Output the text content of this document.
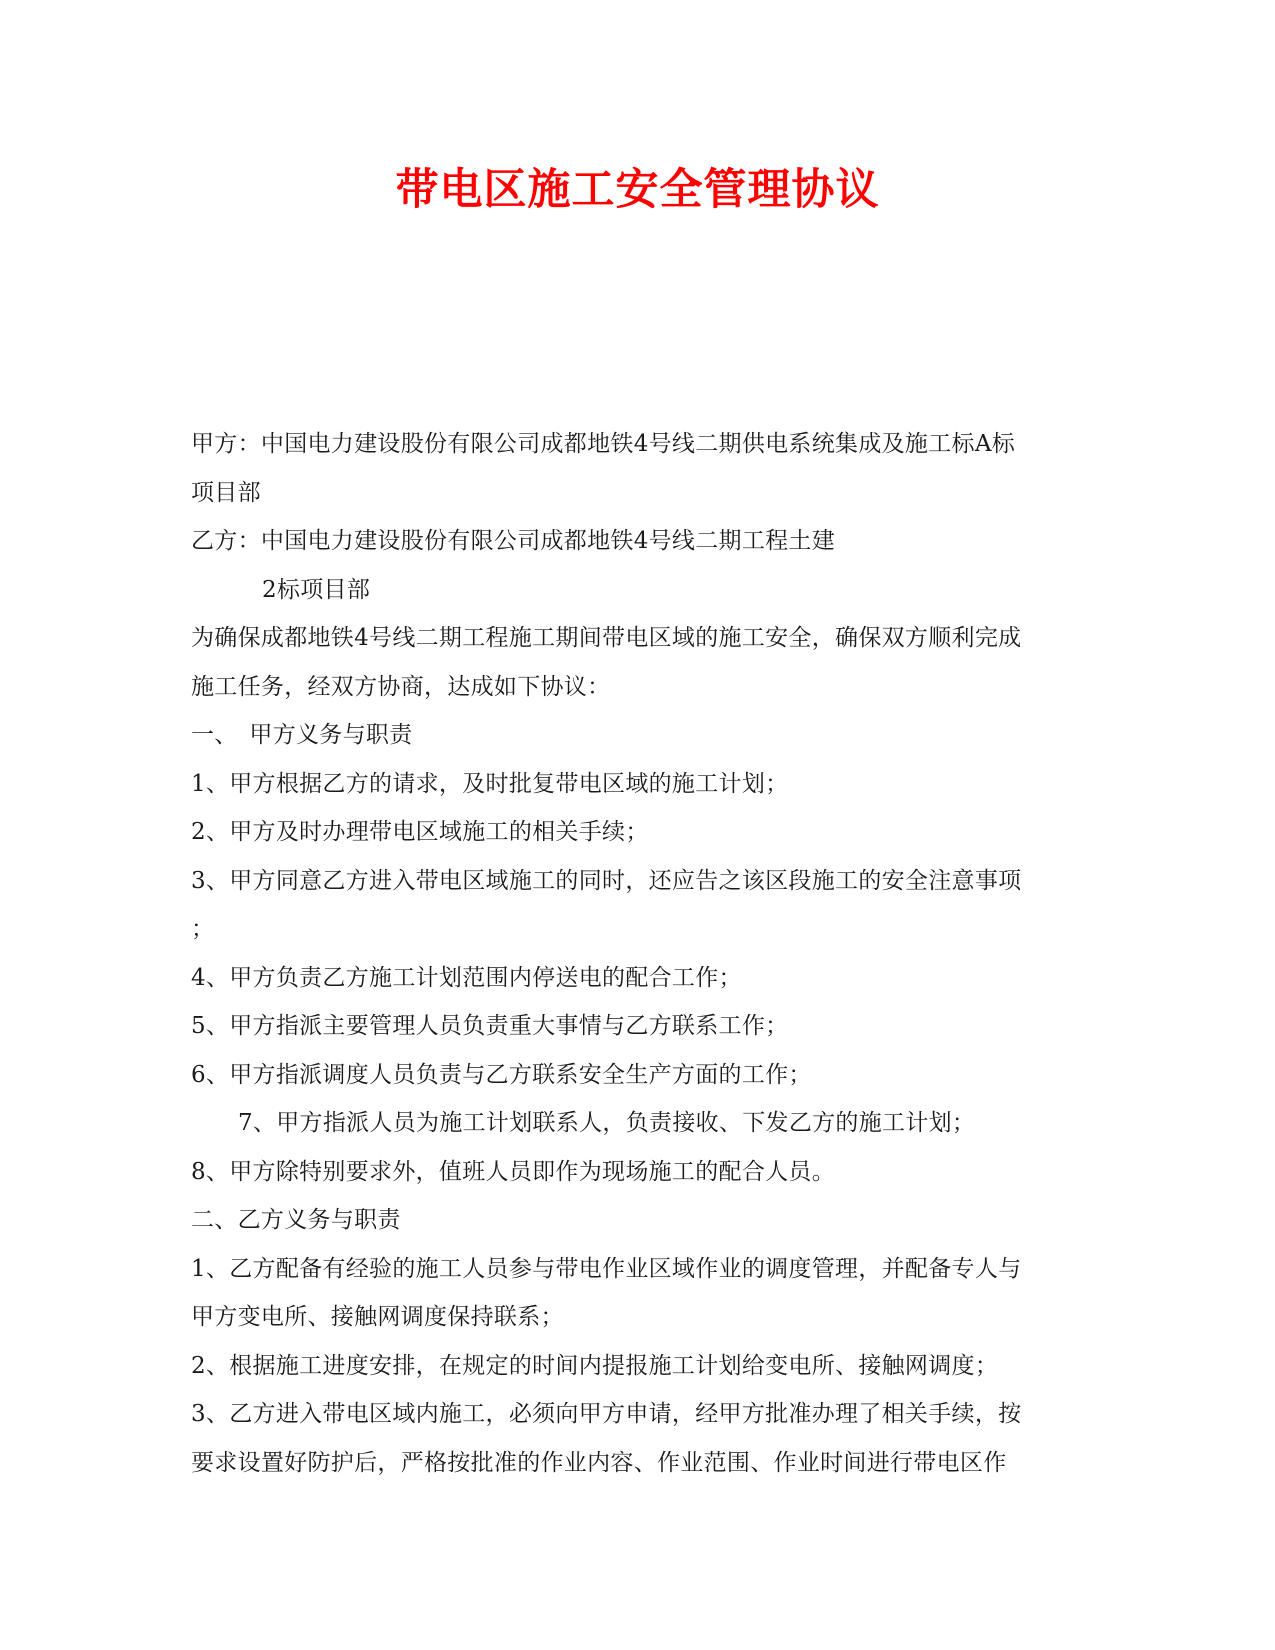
带电区施工安全管理协议
甲方：中国电力建设股份有限公司成都地铁4号线二期供电系统集成及施工标A标
项目部
乙方：中国电力建设股份有限公司成都地铁4号线二期工程土建
2标项目部
为确保成都地铁4号线二期工程施工期间带电区域的施工安全，确保双方顺利完成
施工任务，经双方协商，达成如下协议：
一、　甲方义务与职责
1、甲方根据乙方的请求，及时批复带电区域的施工计划；
2、甲方及时办理带电区域施工的相关手续；
3、甲方同意乙方进入带电区域施工的同时，还应告之该区段施工的安全注意事项
；
4、甲方负责乙方施工计划范围内停送电的配合工作；
5、甲方指派主要管理人员负责重大事情与乙方联系工作；
6、甲方指派调度人员负责与乙方联系安全生产方面的工作；
7、甲方指派人员为施工计划联系人，负责接收、下发乙方的施工计划；
8、甲方除特别要求外，值班人员即作为现场施工的配合人员。
二、乙方义务与职责
1、乙方配备有经验的施工人员参与带电作业区域作业的调度管理，并配备专人与
甲方变电所、接触网调度保持联系；
2、根据施工进度安排，在规定的时间内提报施工计划给变电所、接触网调度；
3、乙方进入带电区域内施工，必须向甲方申请，经甲方批准办理了相关手续，按
要求设置好防护后，严格按批准的作业内容、作业范围、作业时间进行带电区作
